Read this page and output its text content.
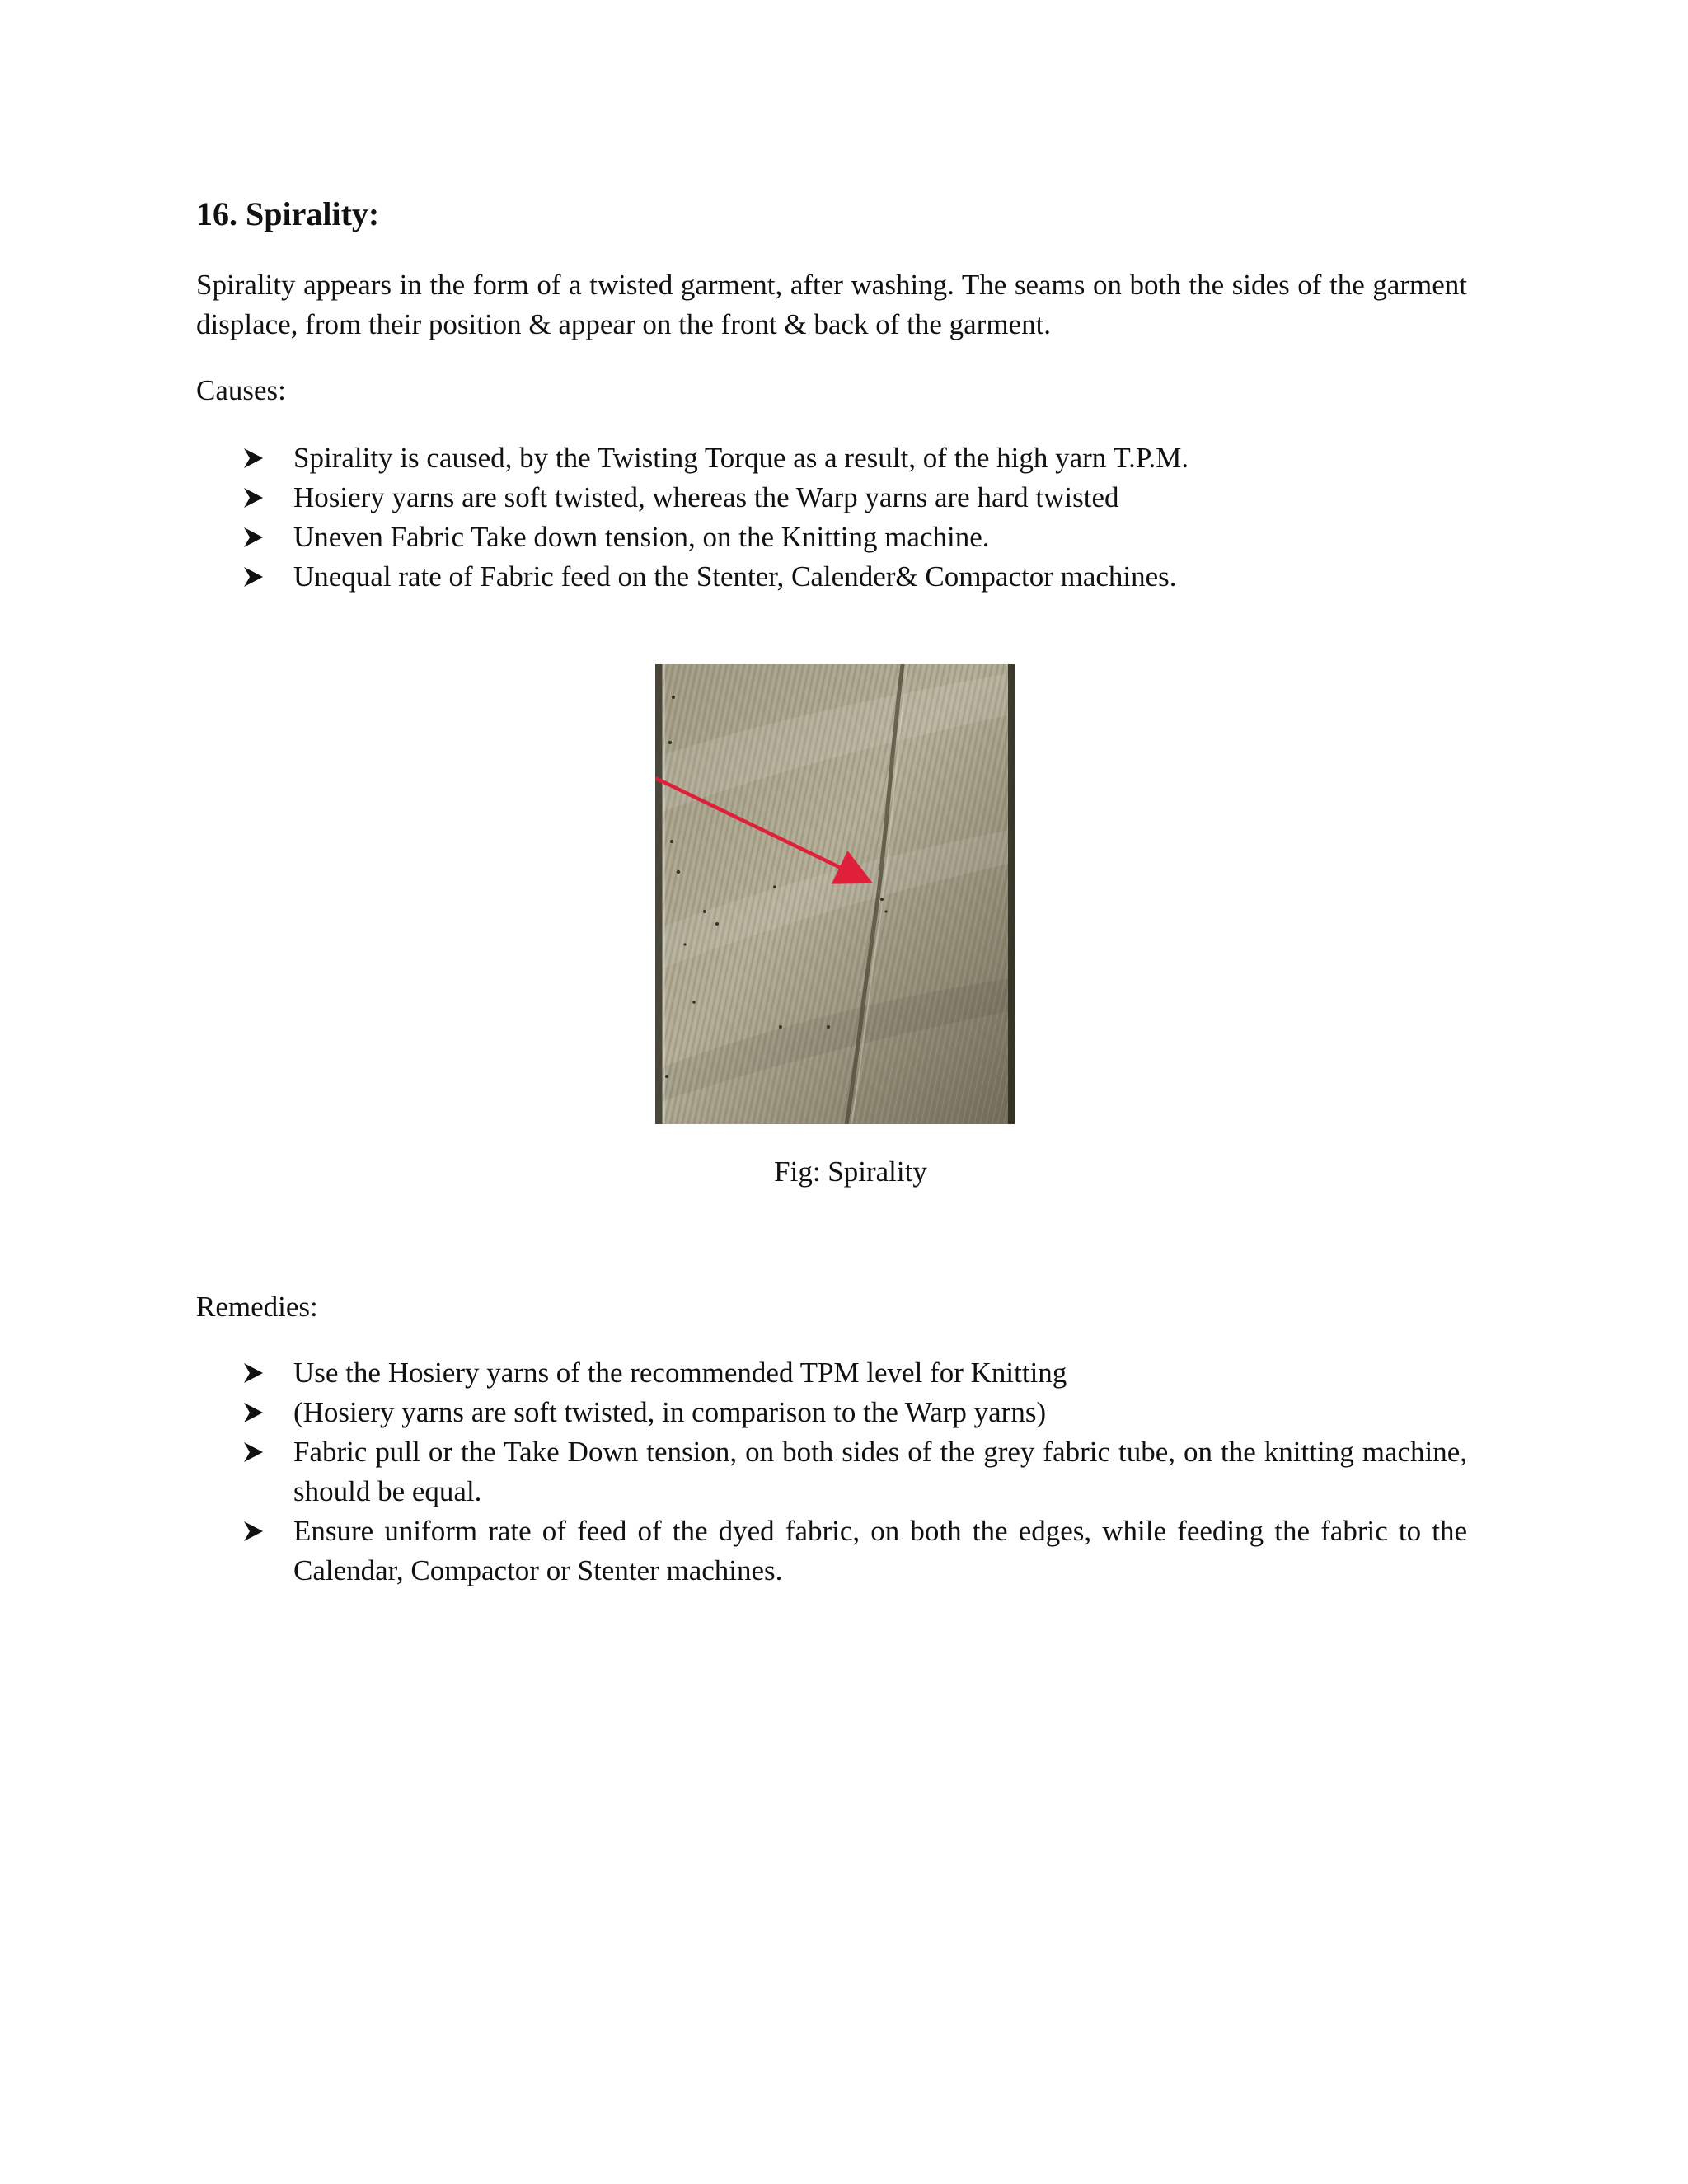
16. Spirality:

Spirality appears in the form of a twisted garment, after washing. The seams on both the sides of the garment displace, from their position & appear on the front & back of the garment.

Causes:

Spirality is caused, by the Twisting Torque as a result, of the high yarn T.P.M.
Hosiery yarns are soft twisted, whereas the Warp yarns are hard twisted
Uneven Fabric Take down tension, on the Knitting machine.
Unequal rate of Fabric feed on the Stenter, Calender& Compactor machines.

Fig: Spirality

Remedies:

Use the Hosiery yarns of the recommended TPM level for Knitting
(Hosiery yarns are soft twisted, in comparison to the Warp yarns)
Fabric pull or the Take Down tension, on both sides of the grey fabric tube, on the knitting machine, should be equal.
Ensure uniform rate of feed of the dyed fabric, on both the edges, while feeding the fabric to the Calendar, Compactor or Stenter machines.
